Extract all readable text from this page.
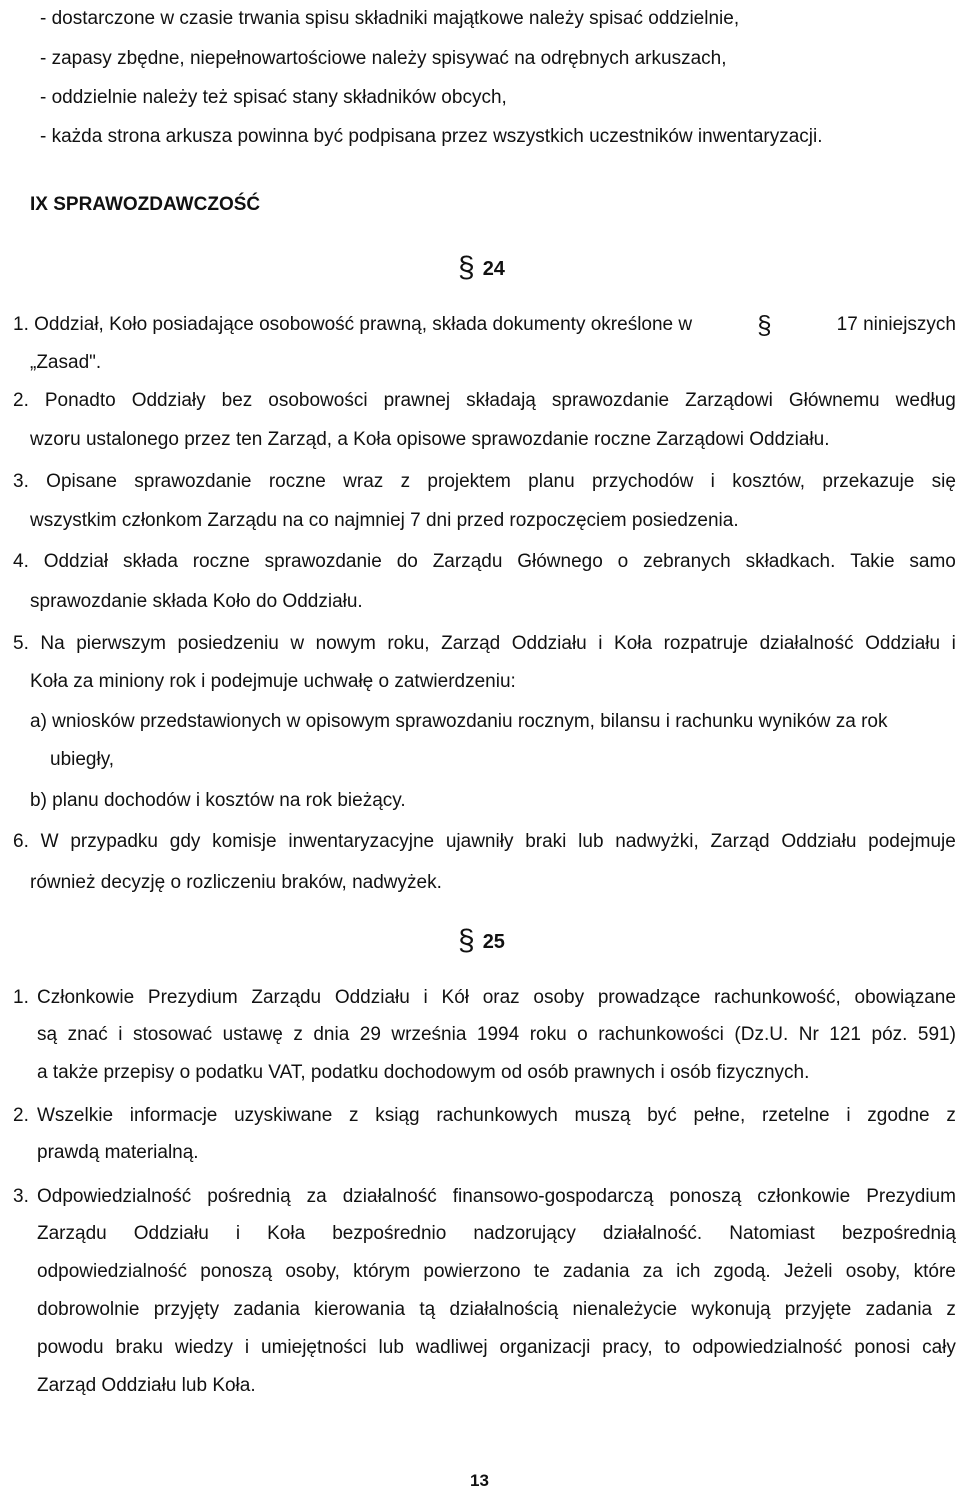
- dostarczone w czasie trwania spisu składniki majątkowe należy spisać oddzielnie,
- zapasy zbędne, niepełnowartościowe należy spisywać na odrębnych arkuszach,
- oddzielnie należy też spisać stany składników obcych,
- każda strona arkusza powinna być podpisana przez wszystkich uczestników inwentaryzacji.
IX SPRAWOZDAWCZOŚĆ
§ 24
1. Oddział, Koło posiadające osobowość prawną, składa dokumenty określone w	§	17 niniejszych
„Zasad".
2. Ponadto Oddziały bez osobowości prawnej składają sprawozdanie Zarządowi Głównemu według
wzoru ustalonego przez ten Zarząd, a Koła opisowe sprawozdanie roczne Zarządowi Oddziału.
3. Opisane sprawozdanie roczne wraz z projektem planu przychodów i kosztów, przekazuje się
wszystkim członkom Zarządu na co najmniej 7 dni przed rozpoczęciem posiedzenia.
4. Oddział składa roczne sprawozdanie do Zarządu Głównego o zebranych składkach. Takie samo
sprawozdanie składa Koło do Oddziału.
5. Na pierwszym posiedzeniu w nowym roku, Zarząd Oddziału i Koła rozpatruje działalność Oddziału i
Koła za miniony rok i podejmuje uchwałę o zatwierdzeniu:
a) wniosków przedstawionych w opisowym sprawozdaniu rocznym, bilansu i rachunku wyników za rok
ubiegły,
b) planu dochodów i kosztów na rok bieżący.
6. W przypadku gdy komisje inwentaryzacyjne ujawniły braki lub nadwyżki, Zarząd Oddziału podejmuje
również decyzję o rozliczeniu braków, nadwyżek.
§ 25
1. Członkowie Prezydium Zarządu Oddziału i Kół oraz osoby prowadzące rachunkowość, obowiązane
są znać i stosować ustawę z dnia 29 września 1994 roku o rachunkowości (Dz.U. Nr 121 póz. 591)
a także przepisy o podatku VAT, podatku dochodowym od osób prawnych i osób fizycznych.
2. Wszelkie informacje uzyskiwane z ksiąg rachunkowych muszą być pełne, rzetelne i zgodne z
prawdą materialną.
3. Odpowiedzialność pośrednią za działalność finansowo-gospodarczą ponoszą członkowie Prezydium
Zarządu Oddziału i Koła bezpośrednio nadzorujący działalność. Natomiast bezpośrednią
odpowiedzialność ponoszą osoby, którym powierzono te zadania za ich zgodą. Jeżeli osoby, które
dobrowolnie przyjęty zadania kierowania tą działalnością nienależycie wykonują przyjęte zadania z
powodu braku wiedzy i umiejętności lub wadliwej organizacji pracy, to odpowiedzialność ponosi cały
Zarząd Oddziału lub Koła.
13
